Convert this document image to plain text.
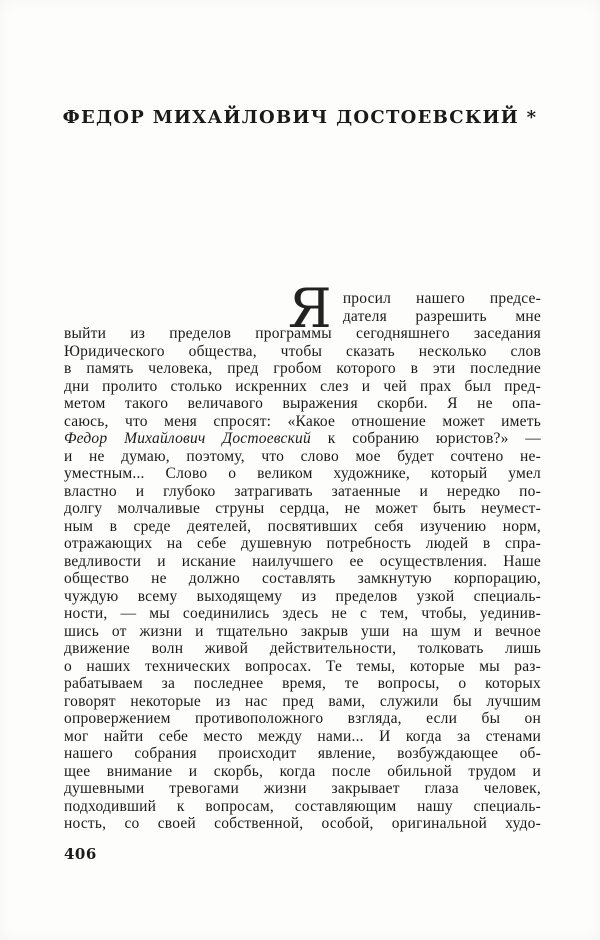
ФЕДОР МИХАЙЛОВИЧ ДОСТОЕВСКИЙ *
Я просил нашего предсе-
дателя разрешить мне
выйти из пределов программы сегодняшнего заседания
Юридического общества, чтобы сказать несколько слов
в память человека, пред гробом которого в эти последние
дни пролито столько искренних слез и чей прах был пред-
метом такого величавого выражения скорби. Я не опа-
саюсь, что меня спросят: «Какое отношение может иметь
Федор Михайлович Достоевский к собранию юристов?» —
и не думаю, поэтому, что слово мое будет сочтено не-
уместным... Слово о великом художнике, который умел
властно и глубоко затрагивать затаенные и нередко по-
долгу молчаливые струны сердца, не может быть неумест-
ным в среде деятелей, посвятивших себя изучению норм,
отражающих на себе душевную потребность людей в спра-
ведливости и искание наилучшего ее осуществления. Наше
общество не должно составлять замкнутую корпорацию,
чуждую всему выходящему из пределов узкой специаль-
ности, — мы соединились здесь не с тем, чтобы, уединив-
шись от жизни и тщательно закрыв уши на шум и вечное
движение волн живой действительности, толковать лишь
о наших технических вопросах. Те темы, которые мы раз-
рабатываем за последнее время, те вопросы, о которых
говорят некоторые из нас пред вами, служили бы лучшим
опровержением противоположного взгляда, если бы он
мог найти себе место между нами... И когда за стенами
нашего собрания происходит явление, возбуждающее об-
щее внимание и скорбь, когда после обильной трудом и
душевными тревогами жизни закрывает глаза человек,
подходивший к вопросам, составляющим нашу специаль-
ность, со своей собственной, особой, оригинальной худо-
406
